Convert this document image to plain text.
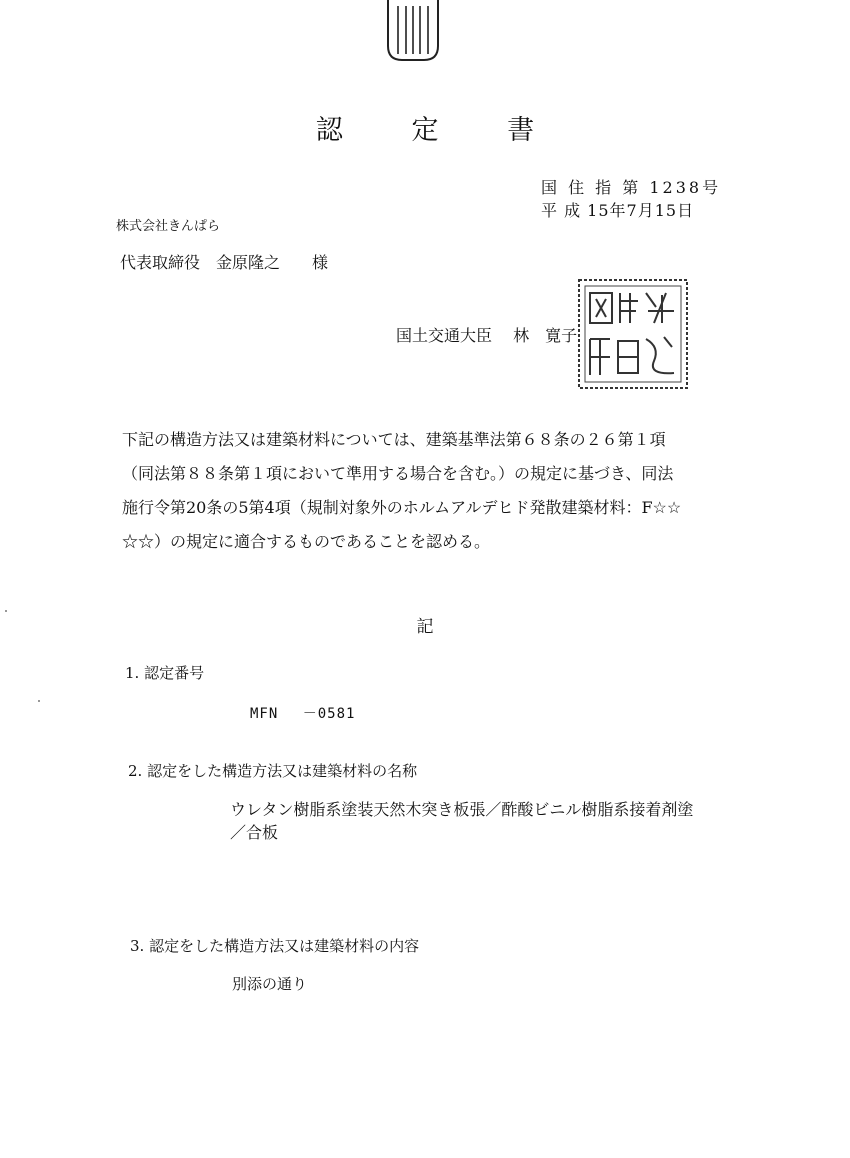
認 定 書
国 住 指 第 1238号
平 成 15年7月15日
株式会社きんぱら
代表取締役　金原隆之　　様
国土交通大臣　 林　寛子
下記の構造方法又は建築材料については、建築基準法第６８条の２６第１項
（同法第８８条第１項において準用する場合を含む。）の規定に基づき、同法
施行令第20条の5第4項（規制対象外のホルムアルデヒド発散建築材料：F☆☆
☆☆）の規定に適合するものであることを認める。
記
1. 認定番号
MFN　 －0581
2. 認定をした構造方法又は建築材料の名称
ウレタン樹脂系塗装天然木突き板張／酢酸ビニル樹脂系接着剤塗
／合板
3. 認定をした構造方法又は建築材料の内容
別添の通り
